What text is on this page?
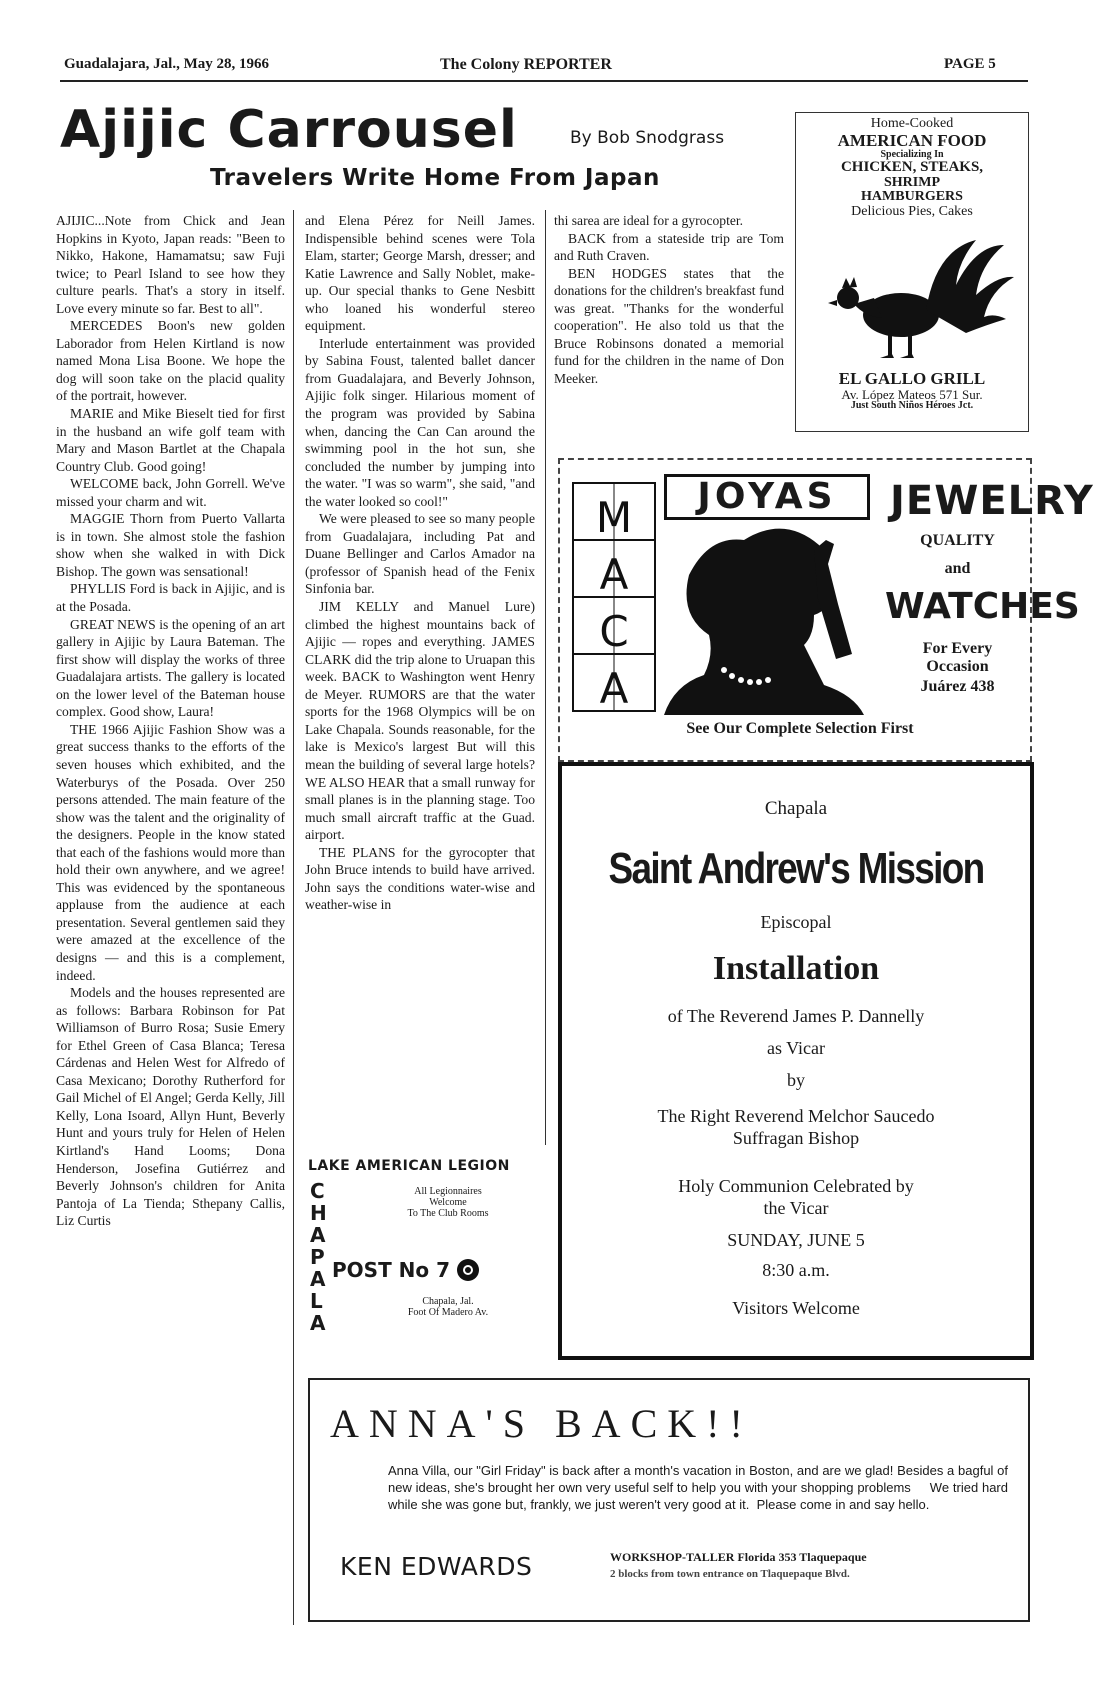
Guadalajara, Jal., May 28, 1966	The Colony REPORTER	PAGE 5
Ajijic Carrousel	By Bob Snodgrass
Travelers Write Home From Japan

AJIJIC...Note from Chick and Jean Hopkins in Kyoto, Japan reads: "Been to Nikko, Hakone, Hamamatsu; saw Fuji twice; to Pearl Island to see how they culture pearls. That's a story in itself. Love every minute so far. Best to all".

MERCEDES Boon's new golden Laborador from Helen Kirtland is now named Mona Lisa Boone. We hope the dog will soon take on the placid quality of the portrait, however.

MARIE and Mike Bieselt tied for first in the husband an wife golf team with Mary and Mason Bartlet at the Chapala Country Club. Good going!

WELCOME back, John Gorrell. We've missed your charm and wit.

MAGGIE Thorn from Puerto Vallarta is in town. She almost stole the fashion show when she walked in with Dick Bishop. The gown was sensational!

PHYLLIS Ford is back in Ajijic, and is at the Posada.

GREAT NEWS is the opening of an art gallery in Ajijic by Laura Bateman. The first show will display the works of three Guadalajara artists. The gallery is located on the lower level of the Bateman house complex. Good show, Laura!

THE 1966 Ajijic Fashion Show was a great success thanks to the efforts of the seven houses which exhibited, and the Waterburys of the Posada. Over 250 persons attended. The main feature of the show was the talent and the originality of the designers. People in the know stated that each of the fashions would more than hold their own anywhere, and we agree! This was evidenced by the spontaneous applause from the audience at each presentation. Several gentlemen said they were amazed at the excellence of the designs — and this is a complement, indeed.

Models and the houses represented are as follows: Barbara Robinson for Pat Williamson of Burro Rosa; Susie Emery for Ethel Green of Casa Blanca; Teresa Cárdenas and Helen West for Alfredo of Casa Mexicano; Dorothy Rutherford for Gail Michel of El Angel; Gerda Kelly, Jill Kelly, Lona Isoard, Allyn Hunt, Beverly Hunt and yours truly for Helen of Helen Kirtland's Hand Looms; Dona Henderson, Josefina Gutiérrez and Beverly Johnson's children for Anita Pantoja of La Tienda; Sthepany Callis, Liz Curtis

and Elena Pérez for Neill James. Indispensible behind scenes were Tola Elam, starter; George Marsh, dresser; and Katie Lawrence and Sally Noblet, make-up. Our special thanks to Gene Nesbitt who loaned his wonderful stereo equipment.

Interlude entertainment was provided by Sabina Foust, talented ballet dancer from Guadalajara, and Beverly Johnson, Ajijic folk singer. Hilarious moment of the program was provided by Sabina when, dancing the Can Can around the swimming pool in the hot sun, she concluded the number by jumping into the water. "I was so warm", she said, "and the water looked so cool!"

We were pleased to see so many people from Guadalajara, including Pat and Duane Bellinger and Carlos Amador na (professor of Spanish head of the Fenix Sinfonia bar.

JIM KELLY and Manuel Lure) climbed the highest mountains back of Ajijic — ropes and everything. JAMES CLARK did the trip alone to Uruapan this week. BACK to Washington went Henry de Meyer. RUMORS are that the water sports for the 1968 Olympics will be on Lake Chapala. Sounds reasonable, for the lake is Mexico's largest But will this mean the building of several large hotels? WE ALSO HEAR that a small runway for small planes is in the planning stage. Too much small aircraft traffic at the Guad. airport.

THE PLANS for the gyrocopter that John Bruce intends to build have arrived. John says the conditions water-wise and weather-wise in

thi sarea are ideal for a gyrocopter.

BACK from a stateside trip are Tom and Ruth Craven.

BEN HODGES states that the donations for the children's breakfast fund was great. "Thanks for the wonderful cooperation". He also told us that the Bruce Robinsons donated a memorial fund for the children in the name of Don Meeker.

Home-Cooked
AMERICAN FOOD
Specializing In
CHICKEN, STEAKS,
SHRIMP
HAMBURGERS
Delicious Pies, Cakes
EL GALLO GRILL
Av. López Mateos 571 Sur.
Just South Niños Héroes Jct.
M
A
C
A
JOYAS	JEWELRY
QUALITY
and
WATCHES
For Every
Occasion
Juárez 438
See Our Complete Selection First
Chapala
Saint Andrew's Mission
Episcopal
Installation
of The Reverend James P. Dannelly
as Vicar
by
The Right Reverend Melchor Saucedo
Suffragan Bishop
Holy Communion Celebrated by
the Vicar
SUNDAY, JUNE 5
8:30 a.m.
Visitors Welcome
LAKE AMERICAN LEGION
CHAPALA
All Legionnaires
Welcome
To The Club Rooms
POST No 7
Chapala, Jal.
Foot Of Madero Av.
ANNA'S BACK!!
Anna Villa, our "Girl Friday" is back after a month's vacation in Boston, and are we glad! Besides a bagful of new ideas, she's brought her own very useful self to help you with your shopping problems     We tried hard while she was gone but, frankly, we just weren't very good at it.  Please come in and say hello.
KEN EDWARDS	WORKSHOP-TALLER Florida 353 Tlaquepaque
2 blocks from town entrance on Tlaquepaque Blvd.
